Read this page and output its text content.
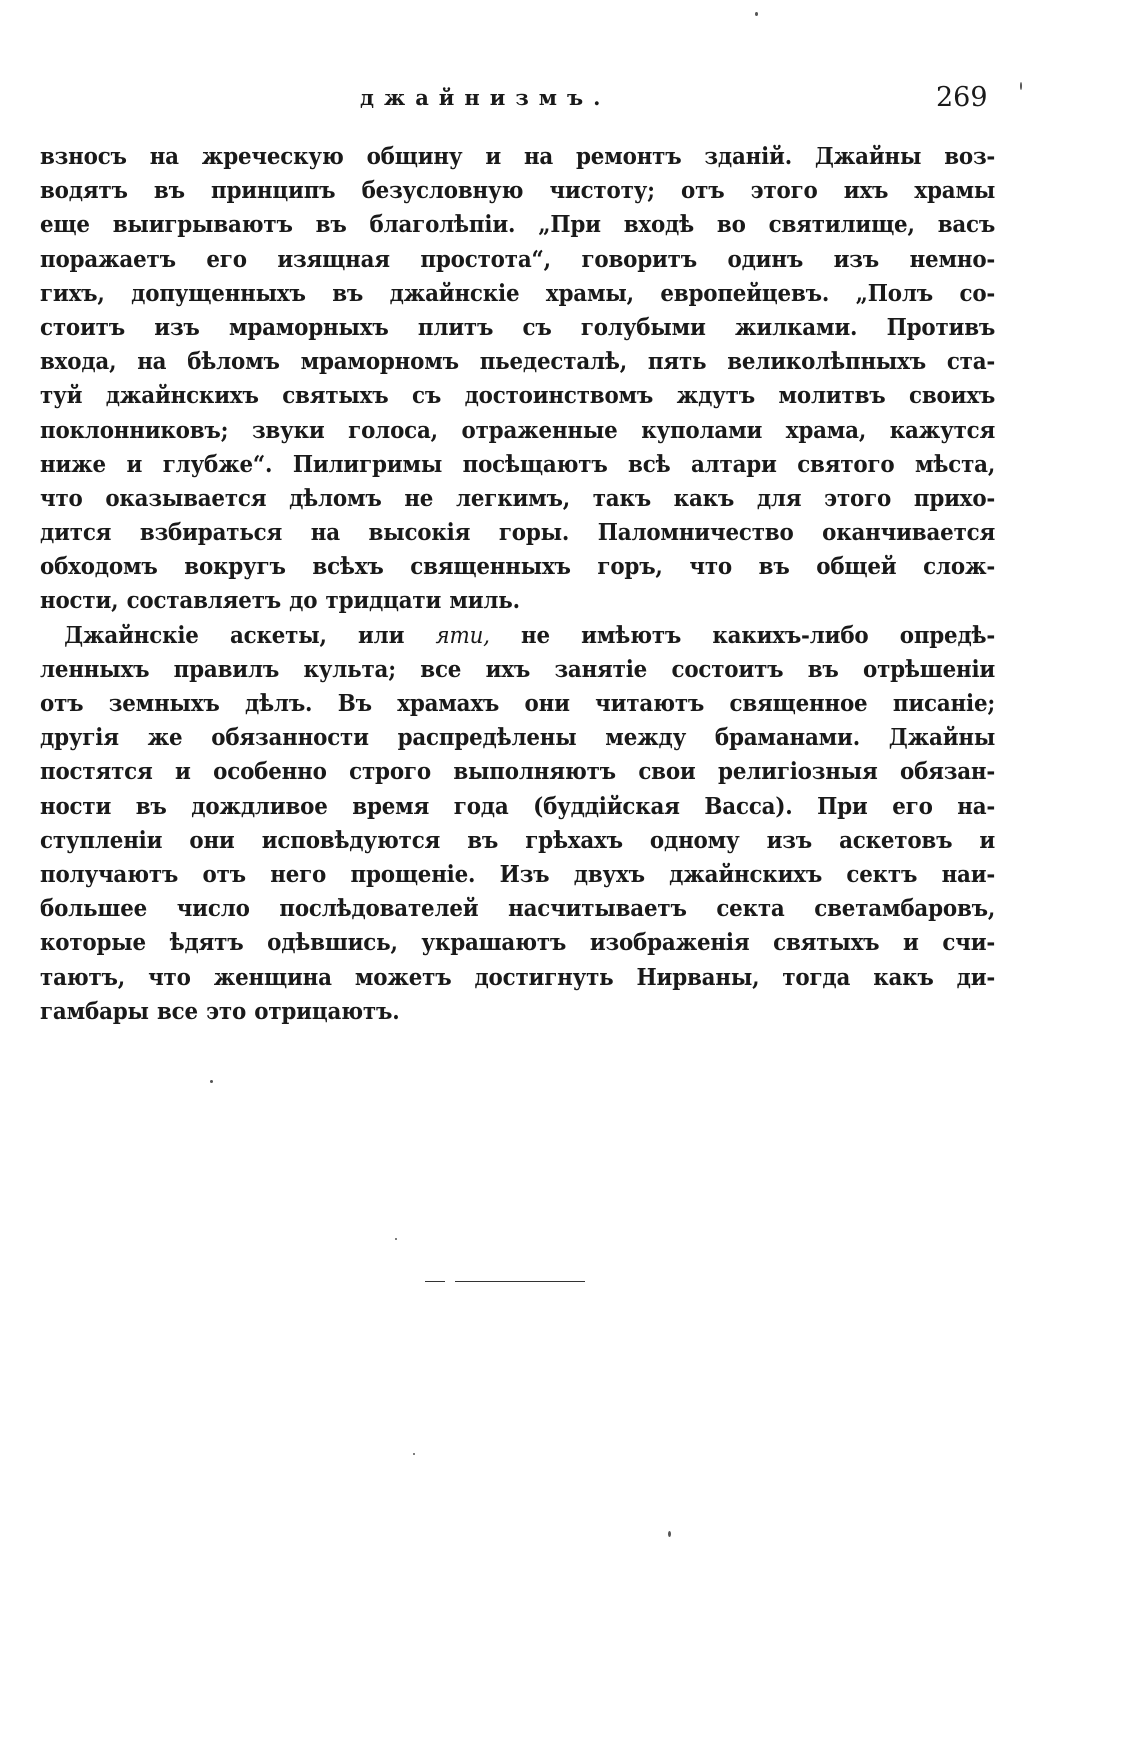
джайнизмъ.	269
взносъ на жреческую общину и на ремонтъ зданій. Джайны воз-
водятъ въ принципъ безусловную чистоту; отъ этого ихъ храмы
еще выигрываютъ въ благолѣпіи. „При входѣ во святилище, васъ
поражаетъ его изящная простота“, говоритъ одинъ изъ немно-
гихъ, допущенныхъ въ джайнскіе храмы, европейцевъ. „Полъ со-
стоитъ изъ мраморныхъ плитъ съ голубыми жилками. Противъ
входа, на бѣломъ мраморномъ пьедесталѣ, пять великолѣпныхъ ста-
туй джайнскихъ святыхъ съ достоинствомъ ждутъ молитвъ своихъ
поклонниковъ; звуки голоса, отраженные куполами храма, кажутся
ниже и глубже“. Пилигримы посѣщаютъ всѣ алтари святого мѣста,
что оказывается дѣломъ не легкимъ, такъ какъ для этого прихо-
дится взбираться на высокія горы. Паломничество оканчивается
обходомъ вокругъ всѣхъ священныхъ горъ, что въ общей слож-
ности, составляетъ до тридцати миль.
Джайнскіе аскеты, или яти, не имѣютъ какихъ-либо опредѣ-
ленныхъ правилъ культа; все ихъ занятіе состоитъ въ отрѣшеніи
отъ земныхъ дѣлъ. Въ храмахъ они читаютъ священное писаніе;
другія же обязанности распредѣлены между браманами. Джайны
постятся и особенно строго выполняютъ свои религіозныя обязан-
ности въ дождливое время года (буддійская Васса). При его на-
ступленіи они исповѣдуются въ грѣхахъ одному изъ аскетовъ и
получаютъ отъ него прощеніе. Изъ двухъ джайнскихъ сектъ наи-
большее число послѣдователей насчитываетъ секта светамбаровъ,
которые ѣдятъ одѣвшись, украшаютъ изображенія святыхъ и счи-
таютъ, что женщина можетъ достигнуть Нирваны, тогда какъ ди-
гамбары все это отрицаютъ.
